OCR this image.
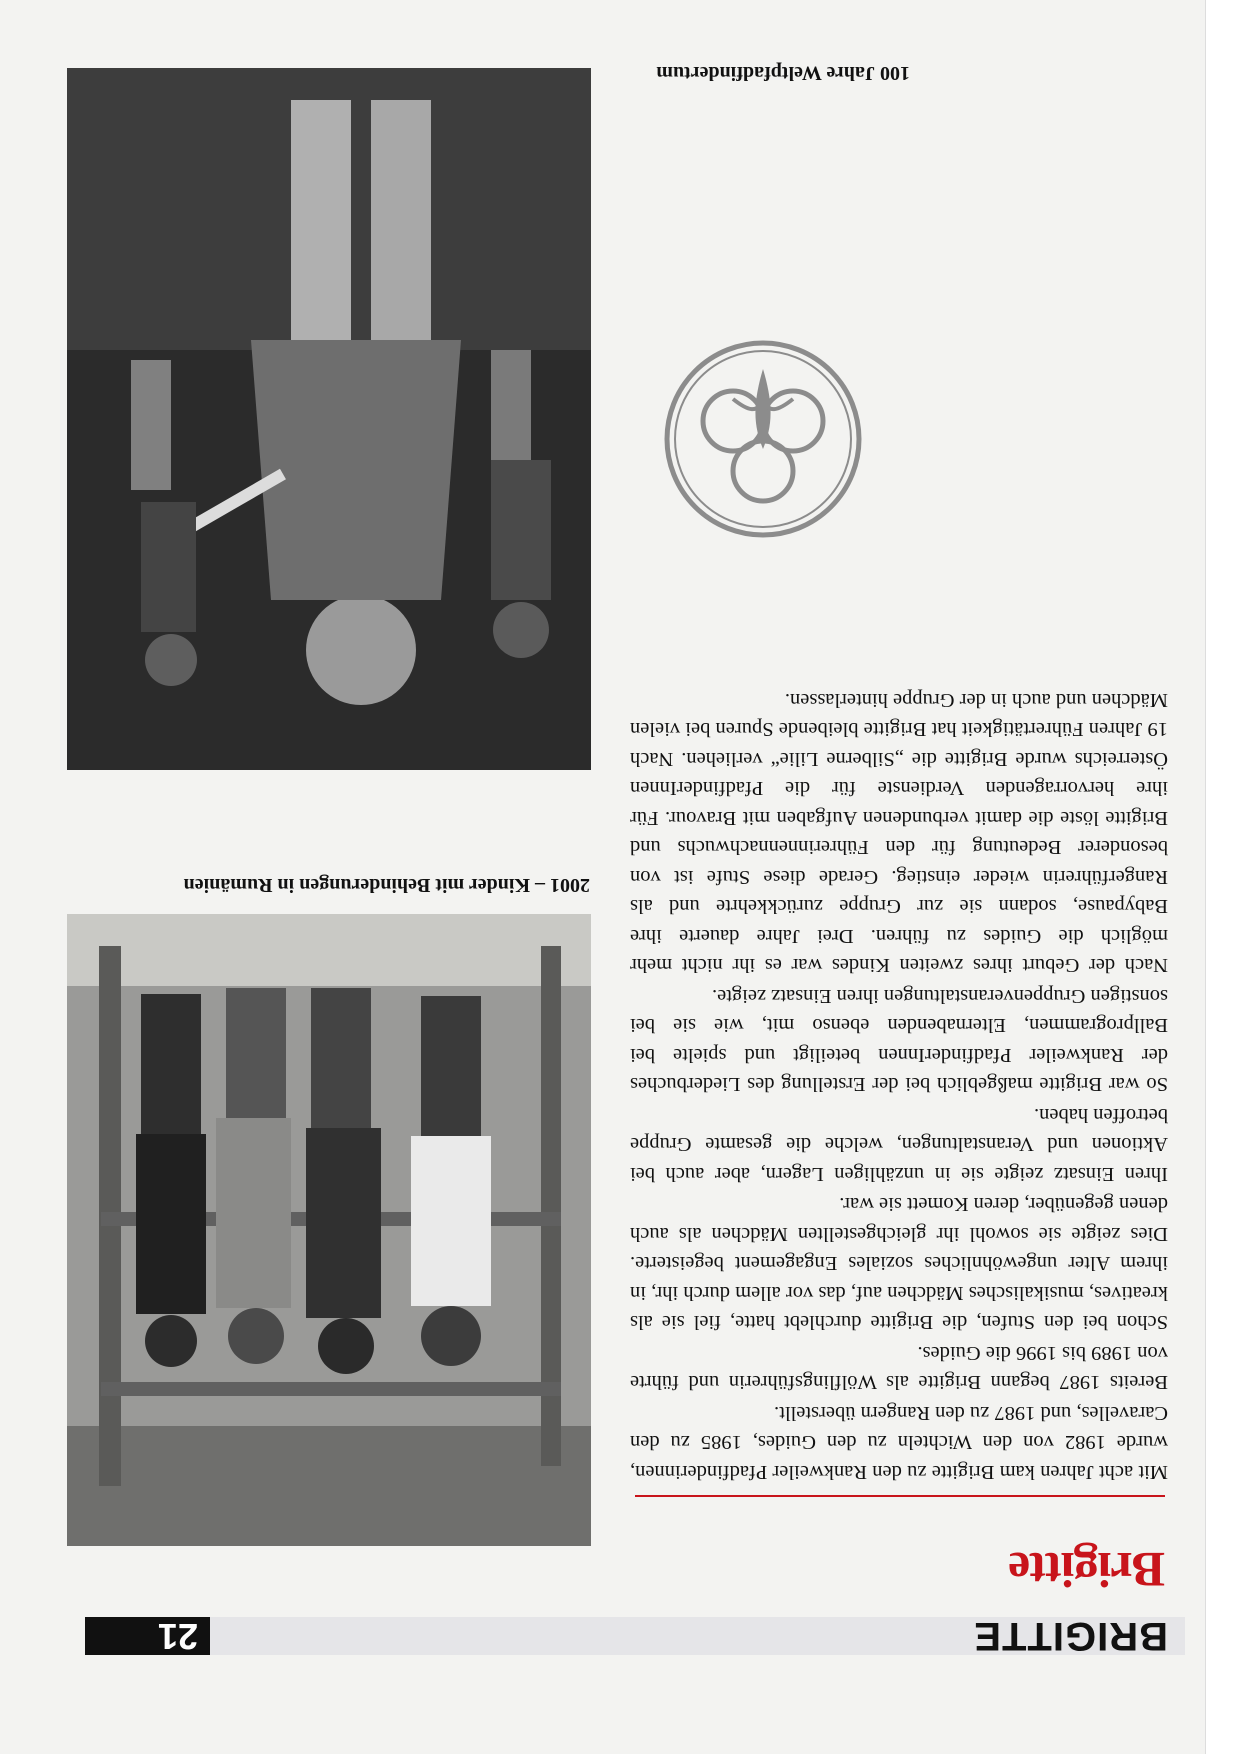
BRIGITTE
21
Brigitte

Mit acht Jahren kam Brigitte zu den Rankweiler Pfadfinderinnen, wurde 1982 von den Wichteln zu den Guides, 1985 zu den Caravelles, und 1987 zu den Rangern überstellt.

Bereits 1987 begann Brigitte als Wölflingsführerin und führte von 1989 bis 1996 die Guides.

Schon bei den Stufen, die Brigitte durchlebt hatte, fiel sie als kreatives, musikalisches Mädchen auf, das vor allem durch ihr, in ihrem Alter ungewöhnliches soziales Engagement begeisterte. Dies zeigte sie sowohl ihr gleichgestellten Mädchen als auch denen gegenüber, deren Komett sie war.

Ihren Einsatz zeigte sie in unzähligen Lagern, aber auch bei Aktionen und Veranstaltungen, welche die gesamte Gruppe betroffen haben.

So war Brigitte maßgeblich bei der Erstellung des Liederbuches der Rankweiler PfadfinderInnen beteiligt und spielte bei Ballprogrammen, Elternabenden ebenso mit, wie sie bei sonstigen Gruppenveranstaltungen ihren Einsatz zeigte.

Nach der Geburt ihres zweiten Kindes war es ihr nicht mehr möglich die Guides zu führen. Drei Jahre dauerte ihre Babypause, sodann sie zur Gruppe zurückkehrte und als Rangerführerin wieder einstieg. Gerade diese Stufe ist von besonderer Bedeutung für den Führerinnennachwuchs und Brigitte löste die damit verbundenen Aufgaben mit Bravour. Für ihre hervorragenden Verdienste für die PfadfinderInnen Österreichs wurde Brigitte die „Silberne Lilie“ verliehen. Nach 19 Jahren Führertätigkeit hat Brigitte bleibende Spuren bei vielen Mädchen und auch in der Gruppe hinterlassen.

2001 – Kinder mit Behinderungen in Rumänien
100 Jahre Weltpfadfindertum
